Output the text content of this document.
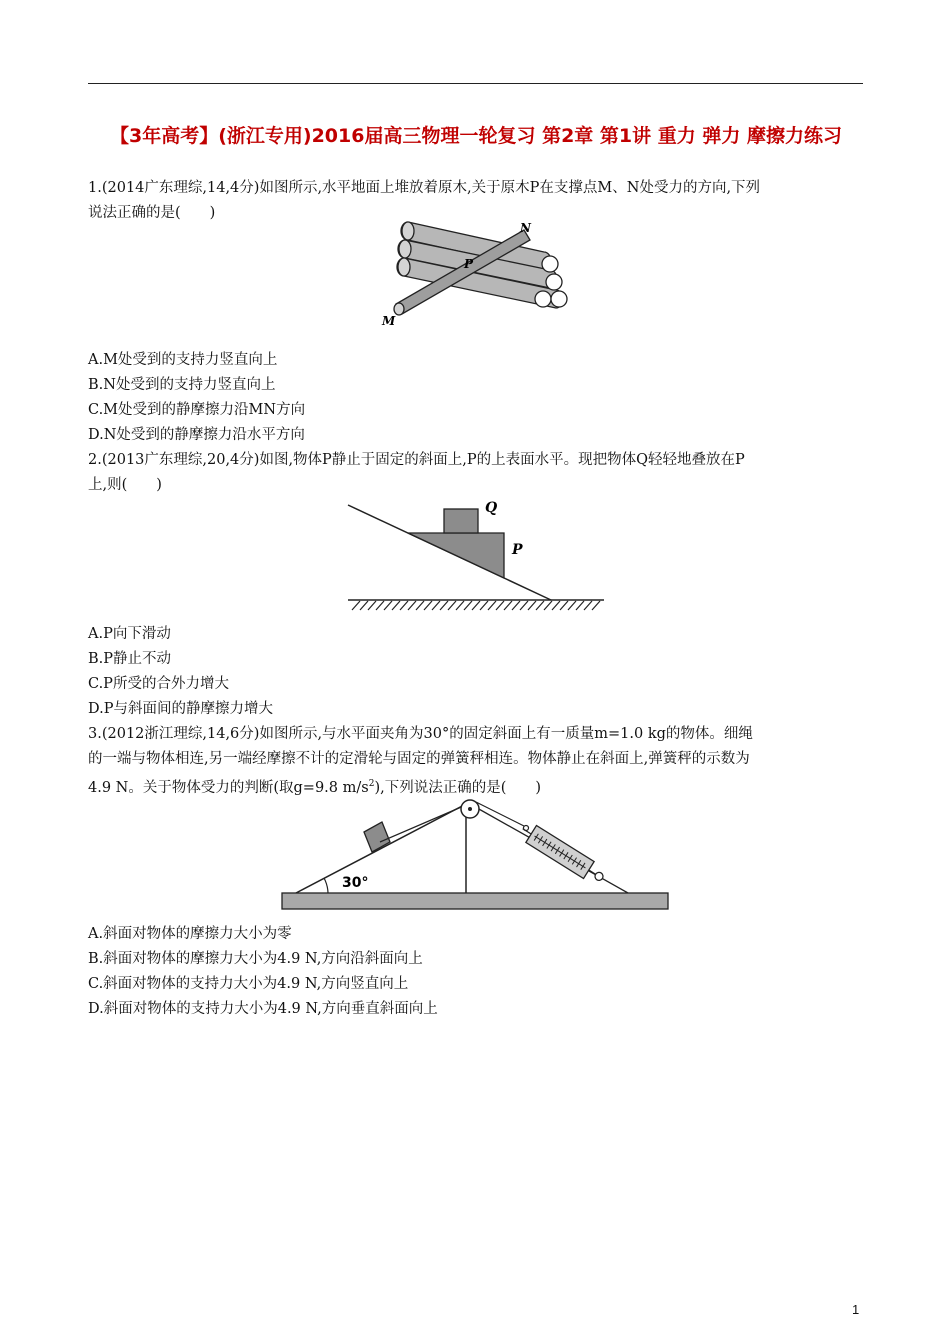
【3年高考】(浙江专用)2016届高三物理一轮复习 第2章 第1讲 重力 弹力 摩擦力练习
1.(2014广东理综,14,4分)如图所示,水平地面上堆放着原木,关于原木P在支撑点M、N处受力的方向,下列
说法正确的是(　　)
N
P
M
A.M处受到的支持力竖直向上
B.N处受到的支持力竖直向上
C.M处受到的静摩擦力沿MN方向
D.N处受到的静摩擦力沿水平方向
2.(2013广东理综,20,4分)如图,物体P静止于固定的斜面上,P的上表面水平。现把物体Q轻轻地叠放在P
上,则(　　)
Q
P
A.P向下滑动
B.P静止不动
C.P所受的合外力增大
D.P与斜面间的静摩擦力增大
3.(2012浙江理综,14,6分)如图所示,与水平面夹角为30°的固定斜面上有一质量m=1.0 kg的物体。细绳
的一端与物体相连,另一端经摩擦不计的定滑轮与固定的弹簧秤相连。物体静止在斜面上,弹簧秤的示数为
4.9 N。关于物体受力的判断(取g=9.8 $m/s^2$),下列说法正确的是(　　)
30°
A.斜面对物体的摩擦力大小为零
B.斜面对物体的摩擦力大小为4.9 N,方向沿斜面向上
C.斜面对物体的支持力大小为4.9 N,方向竖直向上
D.斜面对物体的支持力大小为4.9 N,方向垂直斜面向上
1
